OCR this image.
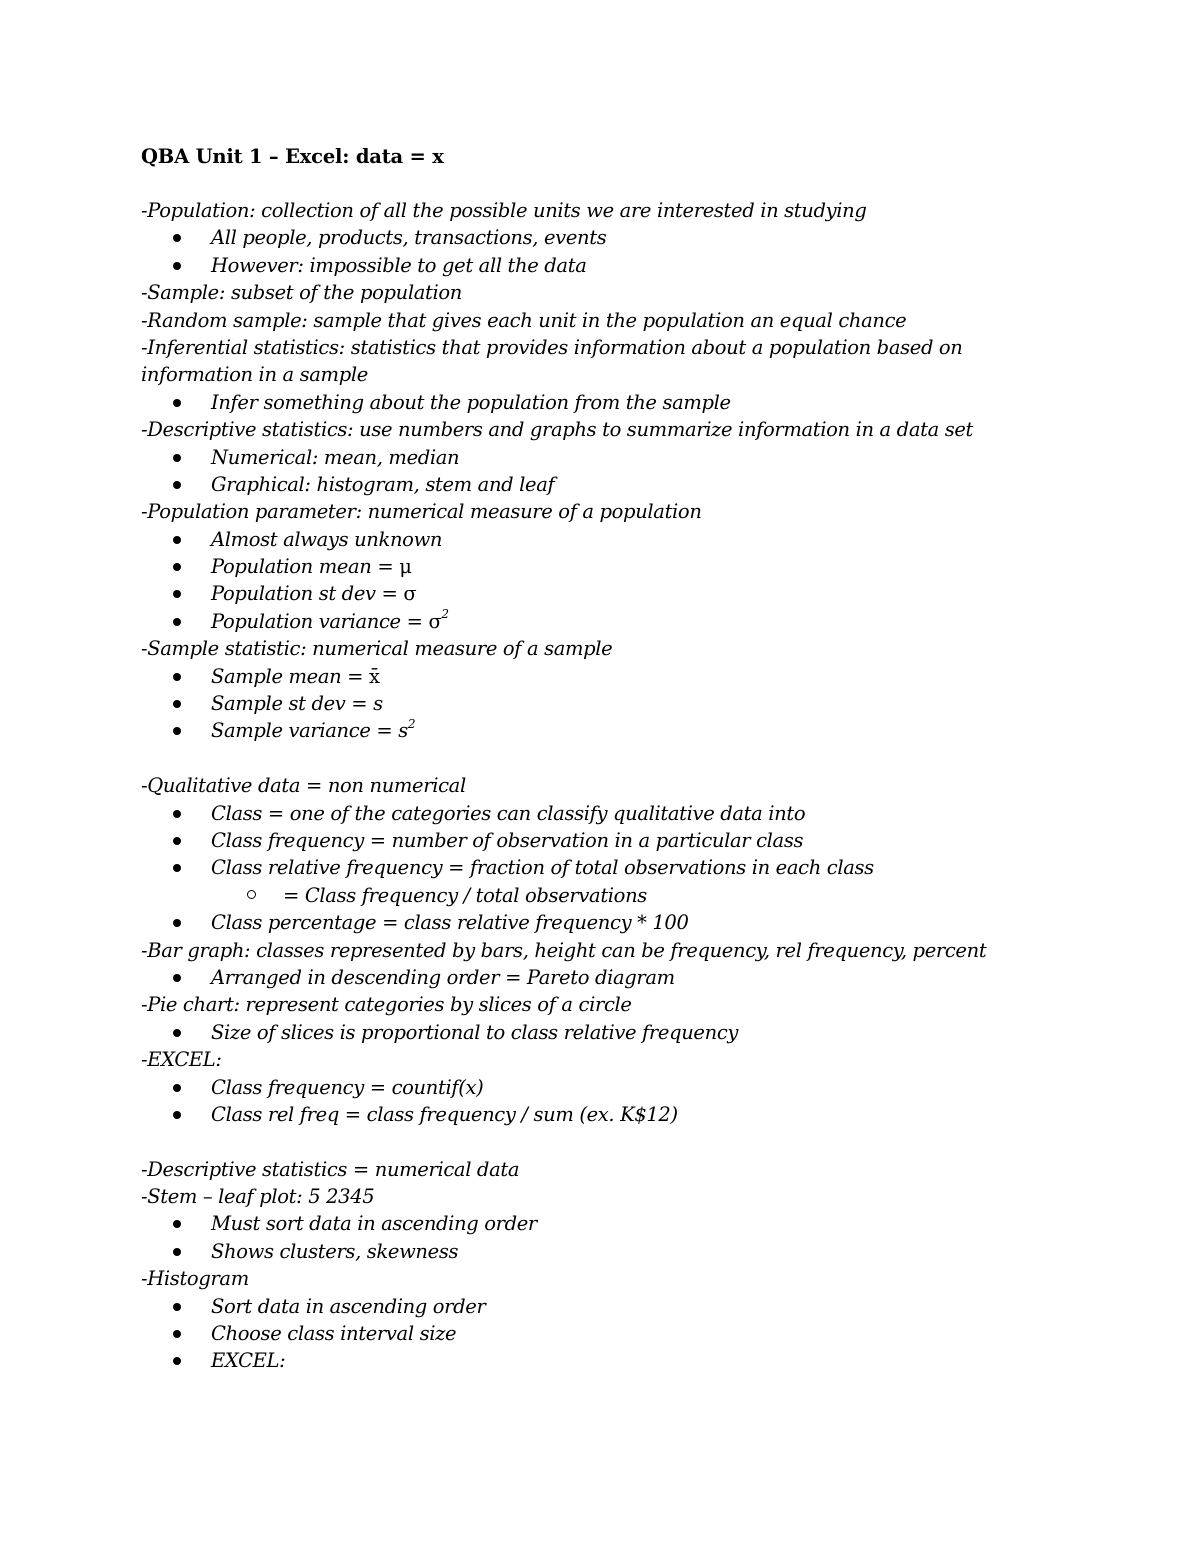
QBA Unit 1 – Excel: data = x
-Population: collection of all the possible units we are interested in studying
All people, products, transactions, events
However: impossible to get all the data
-Sample: subset of the population
-Random sample: sample that gives each unit in the population an equal chance
-Inferential statistics: statistics that provides information about a population based on
information in a sample
Infer something about the population from the sample
-Descriptive statistics: use numbers and graphs to summarize information in a data set
Numerical: mean, median
Graphical: histogram, stem and leaf
-Population parameter: numerical measure of a population
Almost always unknown
Population mean = μ
Population st dev = σ
Population variance = $\sigma^2$
-Sample statistic: numerical measure of a sample
Sample mean = x̄
Sample st dev = s
Sample variance = $s^2$
-Qualitative data = non numerical
Class = one of the categories can classify qualitative data into
Class frequency = number of observation in a particular class
Class relative frequency = fraction of total observations in each class
= Class frequency / total observations
Class percentage = class relative frequency * 100
-Bar graph: classes represented by bars, height can be frequency, rel frequency, percent
Arranged in descending order = Pareto diagram
-Pie chart: represent categories by slices of a circle
Size of slices is proportional to class relative frequency
-EXCEL:
Class frequency = countif(x)
Class rel freq = class frequency / sum (ex. K$12)
-Descriptive statistics = numerical data
-Stem – leaf plot: 5 2345
Must sort data in ascending order
Shows clusters, skewness
-Histogram
Sort data in ascending order
Choose class interval size
EXCEL:
